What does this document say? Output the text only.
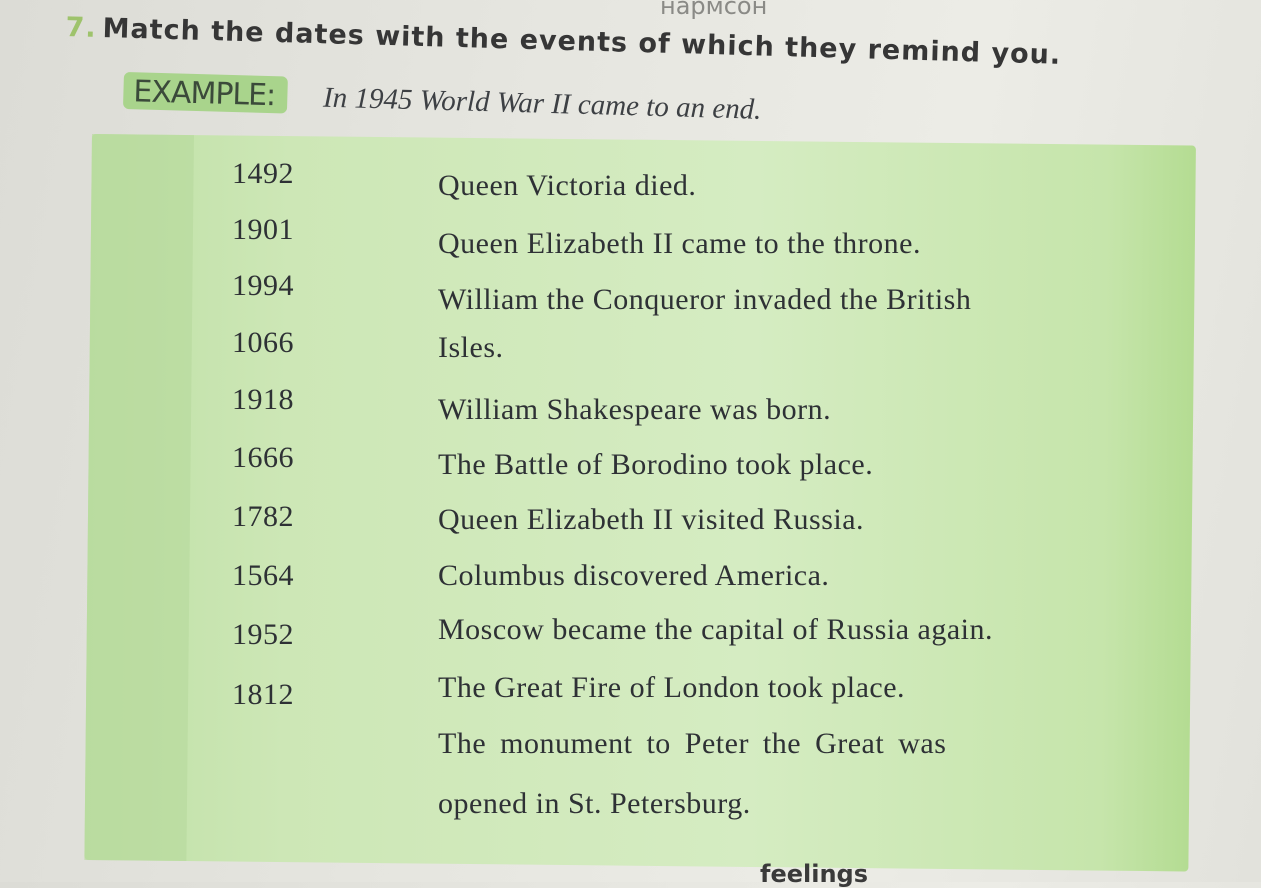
нармсон
7. Match the dates with the events of which they remind you.
EXAMPLE: In 1945 World War II came to an end.
1492
1901
1994
1066
1918
1666
1782
1564
1952
1812
Queen Victoria died.
Queen Elizabeth II came to the throne.
William the Conqueror invaded the British
Isles.
William Shakespeare was born.
The Battle of Borodino took place.
Queen Elizabeth II visited Russia.
Columbus discovered America.
Moscow became the capital of Russia again.
The Great Fire of London took place.
The monument to Peter the Great was
opened in St. Petersburg.
feelings
